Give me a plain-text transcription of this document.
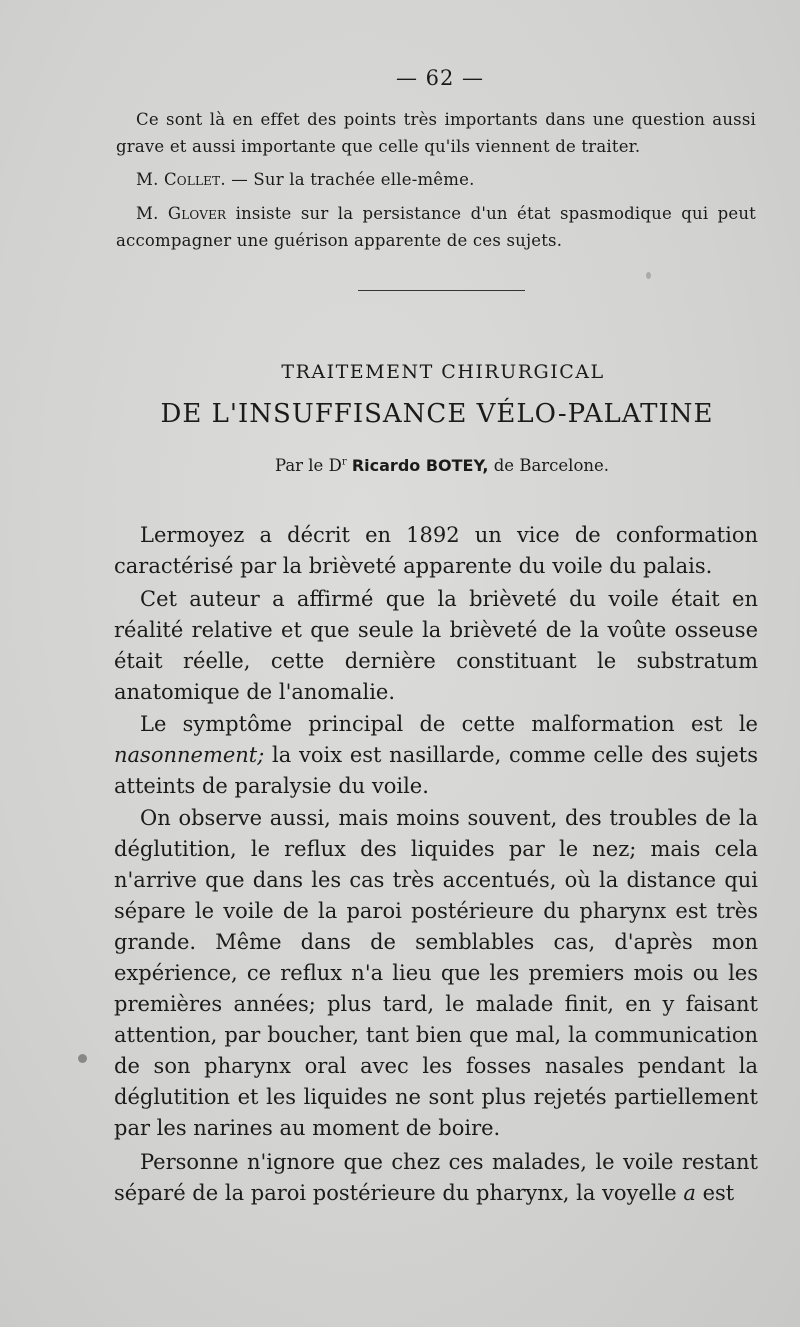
— 62 —

Ce sont là en effet des points très importants dans une question aussi grave et aussi importante que celle qu'ils viennent de traiter.

M. Collet. — Sur la trachée elle-même.

M. Glover insiste sur la persistance d'un état spasmodique qui peut accompagner une guérison apparente de ces sujets.

TRAITEMENT CHIRURGICAL
DE L'INSUFFISANCE VÉLO-PALATINE
Par le $D^r$ Ricardo BOTEY, de Barcelone.

Lermoyez a décrit en 1892 un vice de conformation caractérisé par la brièveté apparente du voile du palais.

Cet auteur a affirmé que la brièveté du voile était en réalité relative et que seule la brièveté de la voûte osseuse était réelle, cette dernière constituant le substratum anatomique de l'anomalie.

Le symptôme principal de cette malformation est le nasonnement; la voix est nasillarde, comme celle des sujets atteints de paralysie du voile.

On observe aussi, mais moins souvent, des troubles de la déglutition, le reflux des liquides par le nez; mais cela n'arrive que dans les cas très accentués, où la distance qui sépare le voile de la paroi postérieure du pharynx est très grande. Même dans de semblables cas, d'après mon expérience, ce reflux n'a lieu que les premiers mois ou les premières années; plus tard, le malade finit, en y faisant attention, par boucher, tant bien que mal, la communication de son pharynx oral avec les fosses nasales pendant la déglutition et les liquides ne sont plus rejetés partiellement par les narines au moment de boire.

Personne n'ignore que chez ces malades, le voile restant séparé de la paroi postérieure du pharynx, la voyelle a est
